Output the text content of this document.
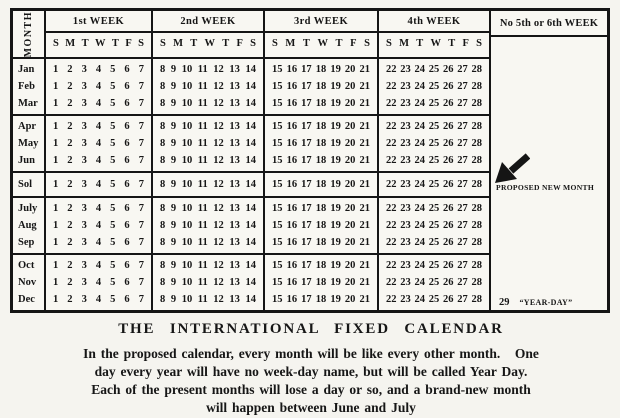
MONTH	1st WEEK
S M T W T F S
2nd WEEK
S M T W T F S
3rd WEEK
S M T W T F S
4th WEEK
S M T W T F S
No 5th or 6th WEEK
Jan
Feb
Mar
1 2 3 4 5 6 7
1 2 3 4 5 6 7
1 2 3 4 5 6 7
8 9 10 11 12 13 14
8 9 10 11 12 13 14
8 9 10 11 12 13 14
15 16 17 18 19 20 21
15 16 17 18 19 20 21
15 16 17 18 19 20 21
22 23 24 25 26 27 28
22 23 24 25 26 27 28
22 23 24 25 26 27 28
Apr
May
Jun
1 2 3 4 5 6 7
1 2 3 4 5 6 7
1 2 3 4 5 6 7
8 9 10 11 12 13 14
8 9 10 11 12 13 14
8 9 10 11 12 13 14
15 16 17 18 19 20 21
15 16 17 18 19 20 21
15 16 17 18 19 20 21
22 23 24 25 26 27 28
22 23 24 25 26 27 28
22 23 24 25 26 27 28
Sol	1 2 3 4 5 6 7 8 9 10 11 12 13 14 15 16 17 18 19 20 21 22 23 24 25 26 27 28 PROPOSED NEW MONTH
July
Aug
Sep
1 2 3 4 5 6 7
1 2 3 4 5 6 7
1 2 3 4 5 6 7
8 9 10 11 12 13 14
8 9 10 11 12 13 14
8 9 10 11 12 13 14
15 16 17 18 19 20 21
15 16 17 18 19 20 21
15 16 17 18 19 20 21
22 23 24 25 26 27 28
22 23 24 25 26 27 28
22 23 24 25 26 27 28
Oct
Nov
Dec
1 2 3 4 5 6 7
1 2 3 4 5 6 7
1 2 3 4 5 6 7
8 9 10 11 12 13 14
8 9 10 11 12 13 14
8 9 10 11 12 13 14
15 16 17 18 19 20 21
15 16 17 18 19 20 21
15 16 17 18 19 20 21
22 23 24 25 26 27 28
22 23 24 25 26 27 28
22 23 24 25 26 27 28 29 “YEAR-DAY”
THE INTERNATIONAL FIXED CALENDAR
In the proposed calendar, every month will be like every other month.   One
day every year will have no week-day name, but will be called Year Day.
Each of the present months will lose a day or so, and a brand-new month
will happen between June and July
